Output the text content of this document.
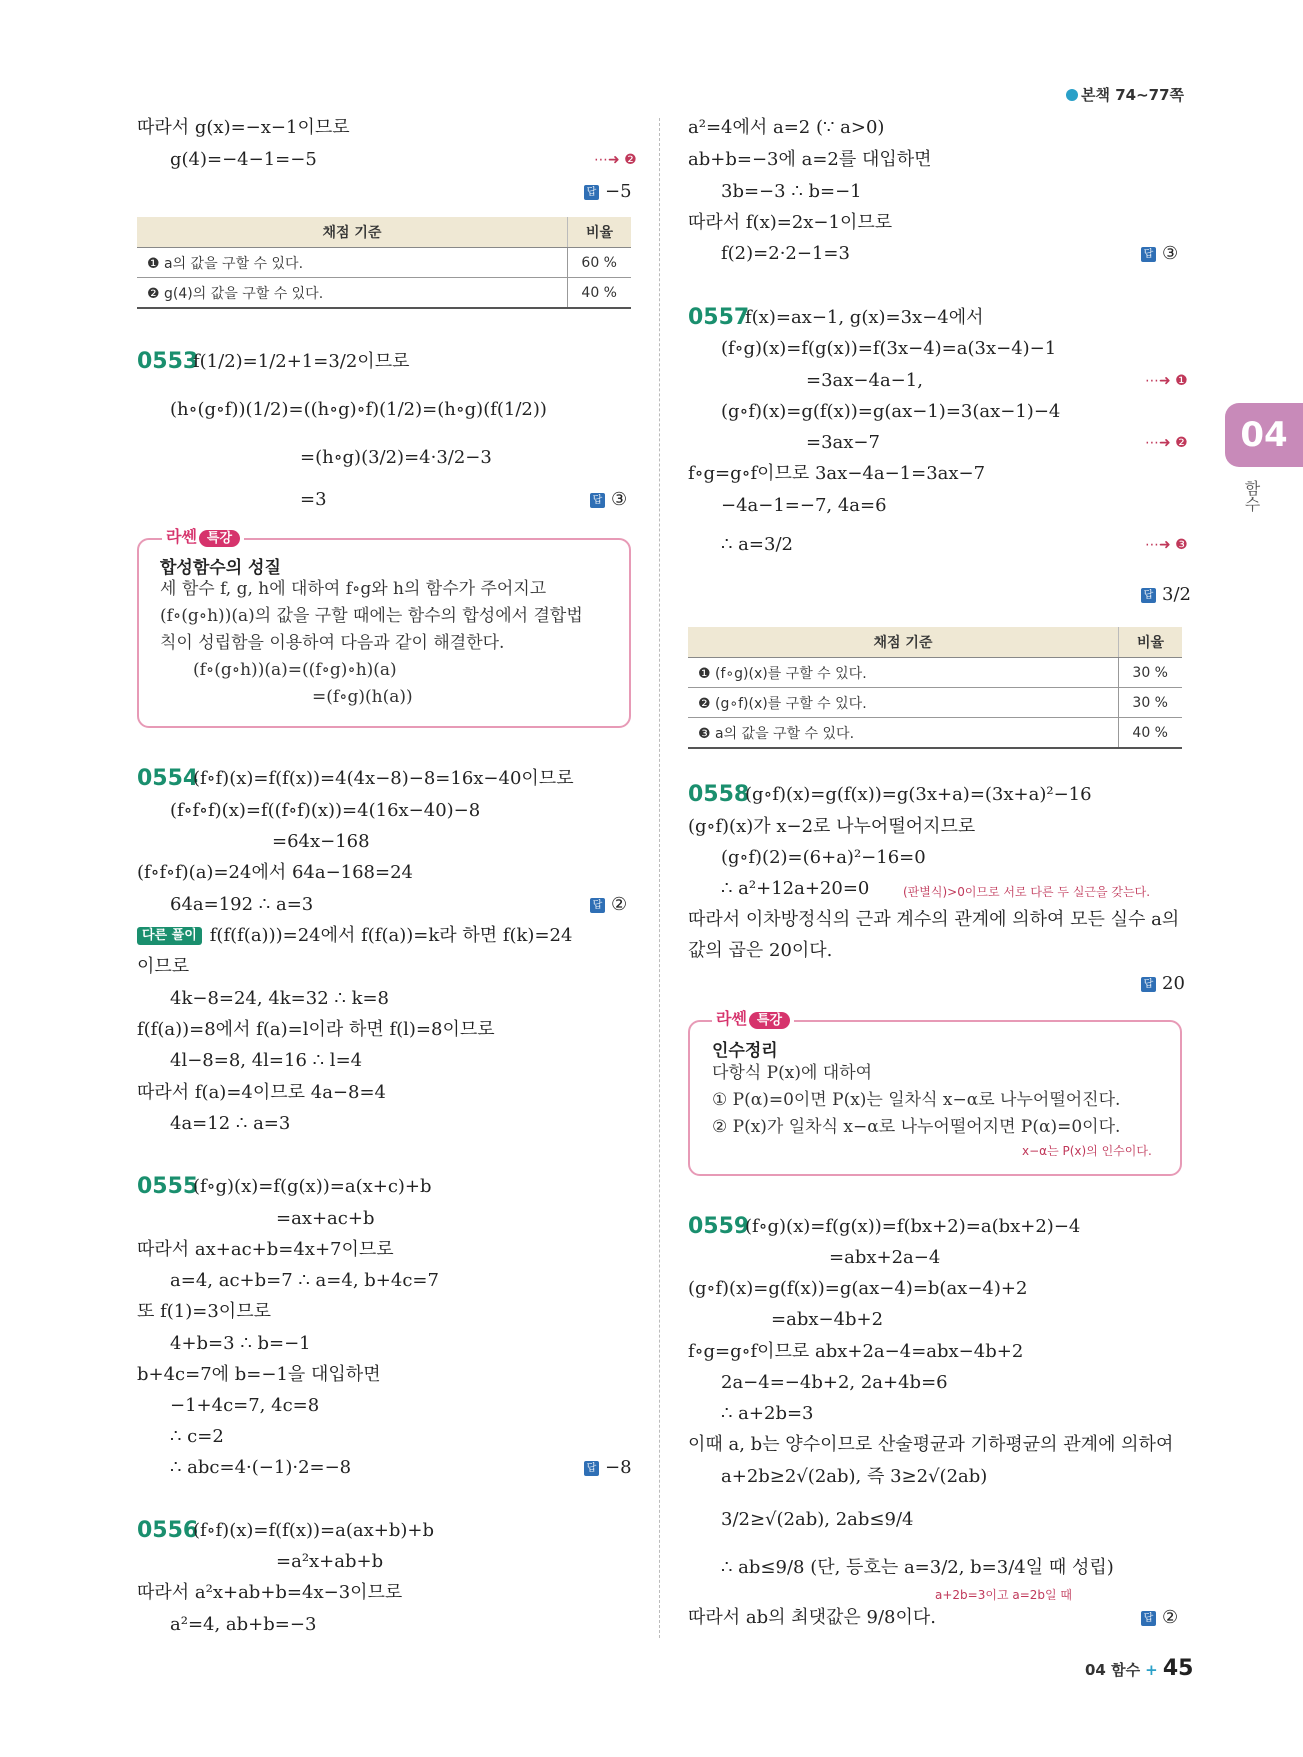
본책 74∼77쪽
04
함수
따라서 g(x)=−x−1이므로
g(4)=−4−1=−5	⋯➜ ❷
답 −5
채점 기준	비율
❶ a의 값을 구할 수 있다.	60 %
❷ g(4)의 값을 구할 수 있다.	40 %
0553
f(1/2)=1/2+1=3/2이므로
(h∘(g∘f))(1/2)=((h∘g)∘f)(1/2)=(h∘g)(f(1/2))
=(h∘g)(3/2)=4·3/2−3
=3	답 ③
라쎈 특강
합성함수의 성질
세 함수 f, g, h에 대하여 f∘g와 h의 함수가 주어지고
(f∘(g∘h))(a)의 값을 구할 때에는 함수의 합성에서 결합법
칙이 성립함을 이용하여 다음과 같이 해결한다.
(f∘(g∘h))(a)=((f∘g)∘h)(a)
=(f∘g)(h(a))
0554
(f∘f)(x)=f(f(x))=4(4x−8)−8=16x−40이므로
(f∘f∘f)(x)=f((f∘f)(x))=4(16x−40)−8
=64x−168
(f∘f∘f)(a)=24에서 64a−168=24
64a=192 ∴ a=3	답 ②
다른 풀이 f(f(f(a)))=24에서 f(f(a))=k라 하면 f(k)=24
이므로
4k−8=24, 4k=32 ∴ k=8
f(f(a))=8에서 f(a)=l이라 하면 f(l)=8이므로
4l−8=8, 4l=16 ∴ l=4
따라서 f(a)=4이므로 4a−8=4
4a=12 ∴ a=3
0555
(f∘g)(x)=f(g(x))=a(x+c)+b
=ax+ac+b
따라서 ax+ac+b=4x+7이므로
a=4, ac+b=7 ∴ a=4, b+4c=7
또 f(1)=3이므로
4+b=3 ∴ b=−1
b+4c=7에 b=−1을 대입하면
−1+4c=7, 4c=8
∴ c=2
∴ abc=4·(−1)·2=−8	답 −8
0556
(f∘f)(x)=f(f(x))=a(ax+b)+b
=a²x+ab+b
따라서 a²x+ab+b=4x−3이므로
a²=4, ab+b=−3
a²=4에서 a=2 (∵ a>0)
ab+b=−3에 a=2를 대입하면
3b=−3 ∴ b=−1
따라서 f(x)=2x−1이므로
f(2)=2·2−1=3	답 ③
0557
f(x)=ax−1, g(x)=3x−4에서
(f∘g)(x)=f(g(x))=f(3x−4)=a(3x−4)−1
=3ax−4a−1,	⋯➜ ❶
(g∘f)(x)=g(f(x))=g(ax−1)=3(ax−1)−4
=3ax−7	⋯➜ ❷
f∘g=g∘f이므로 3ax−4a−1=3ax−7
−4a−1=−7, 4a=6
∴ a=3/2	⋯➜ ❸
답 3/2
채점 기준	비율
❶ (f∘g)(x)를 구할 수 있다.	30 %
❷ (g∘f)(x)를 구할 수 있다.	30 %
❸ a의 값을 구할 수 있다.	40 %
0558
(g∘f)(x)=g(f(x))=g(3x+a)=(3x+a)²−16
(g∘f)(x)가 x−2로 나누어떨어지므로
(g∘f)(2)=(6+a)²−16=0
∴ a²+12a+20=0	(판별식)>0이므로 서로 다른 두 실근을 갖는다.
따라서 이차방정식의 근과 계수의 관계에 의하여 모든 실수 a의
값의 곱은 20이다.
답 20
라쎈 특강
인수정리
다항식 P(x)에 대하여
① P(α)=0이면 P(x)는 일차식 x−α로 나누어떨어진다.
② P(x)가 일차식 x−α로 나누어떨어지면 P(α)=0이다.
x−α는 P(x)의 인수이다.
0559
(f∘g)(x)=f(g(x))=f(bx+2)=a(bx+2)−4
=abx+2a−4
(g∘f)(x)=g(f(x))=g(ax−4)=b(ax−4)+2
=abx−4b+2
f∘g=g∘f이므로 abx+2a−4=abx−4b+2
2a−4=−4b+2, 2a+4b=6
∴ a+2b=3
이때 a, b는 양수이므로 산술평균과 기하평균의 관계에 의하여
a+2b≥2√(2ab), 즉 3≥2√(2ab)
3/2≥√(2ab), 2ab≤9/4
∴ ab≤9/8 (단, 등호는 a=3/2, b=3/4일 때 성립)
a+2b=3이고 a=2b일 때
따라서 ab의 최댓값은 9/8이다.	답 ②
04 함수 + 45
